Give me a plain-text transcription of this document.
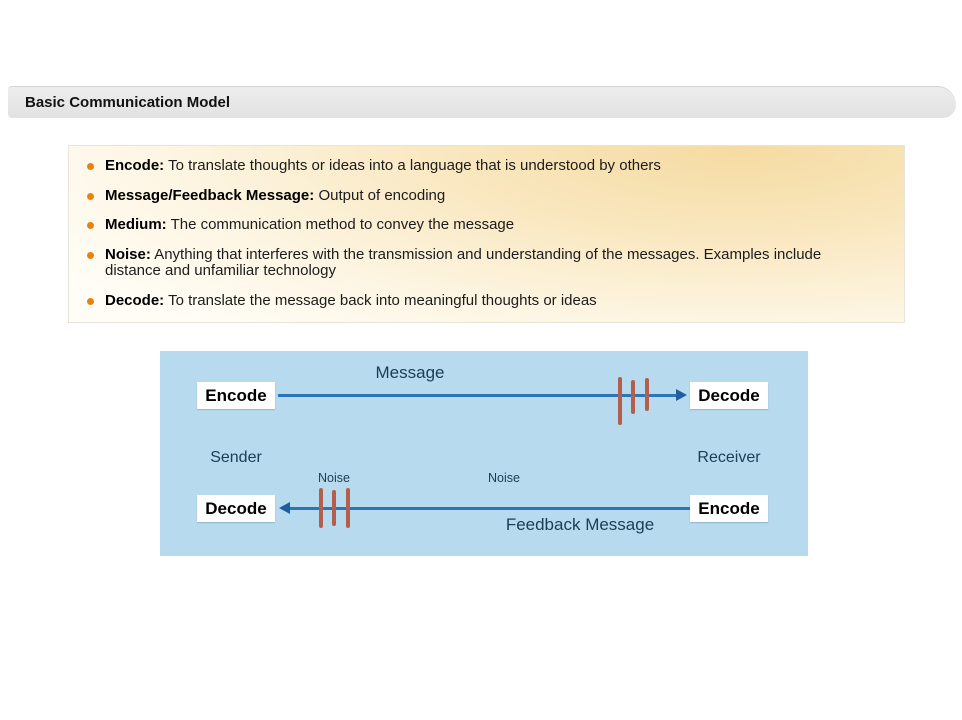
Basic Communication Model
Encode: To translate thoughts or ideas into a language that is understood by others
Message/Feedback Message: Output of encoding
Medium: The communication method to convey the message
Noise: Anything that interferes with the transmission and understanding of the messages. Examples include distance and unfamiliar technology
Decode: To translate the message back into meaningful thoughts or ideas
Message
Encode	Decode
Sender	Receiver
Noise	Noise
Decode	Encode
Feedback Message
